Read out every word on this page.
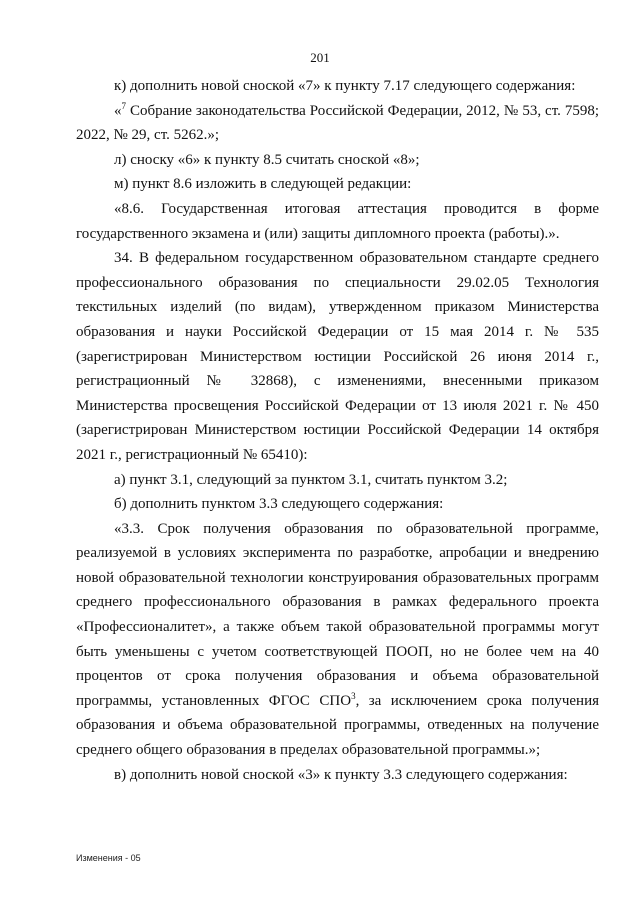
201

к) дополнить новой сноской «7» к пункту 7.17 следующего содержания:

«$^7$ Собрание законодательства Российской Федерации, 2012, № 53, ст. 7598; 2022, № 29, ст. 5262.»;

л) сноску «6» к пункту 8.5 считать сноской «8»;

м) пункт 8.6 изложить в следующей редакции:

«8.6. Государственная итоговая аттестация проводится в форме государственного экзамена и (или) защиты дипломного проекта (работы).».

34. В федеральном государственном образовательном стандарте среднего профессионального образования по специальности 29.02.05 Технология текстильных изделий (по видам), утвержденном приказом Министерства образования и науки Российской Федерации от 15 мая 2014 г. № 535 (зарегистрирован Министерством юстиции Российской 26 июня 2014 г., регистрационный № 32868), с изменениями, внесенными приказом Министерства просвещения Российской Федерации от 13 июля 2021 г. № 450 (зарегистрирован Министерством юстиции Российской Федерации 14 октября 2021 г., регистрационный № 65410):

а) пункт 3.1, следующий за пунктом 3.1, считать пунктом 3.2;

б) дополнить пунктом 3.3 следующего содержания:

«3.3. Срок получения образования по образовательной программе, реализуемой в условиях эксперимента по разработке, апробации и внедрению новой образовательной технологии конструирования образовательных программ среднего профессионального образования в рамках федерального проекта «Профессионалитет», а также объем такой образовательной программы могут быть уменьшены с учетом соответствующей ПООП, но не более чем на 40 процентов от срока получения образования и объема образовательной программы, установленных ФГОС СПО$^3$, за исключением срока получения образования и объема образовательной программы, отведенных на получение среднего общего образования в пределах образовательной программы.»;

в) дополнить новой сноской «3» к пункту 3.3 следующего содержания:

Изменения - 05
